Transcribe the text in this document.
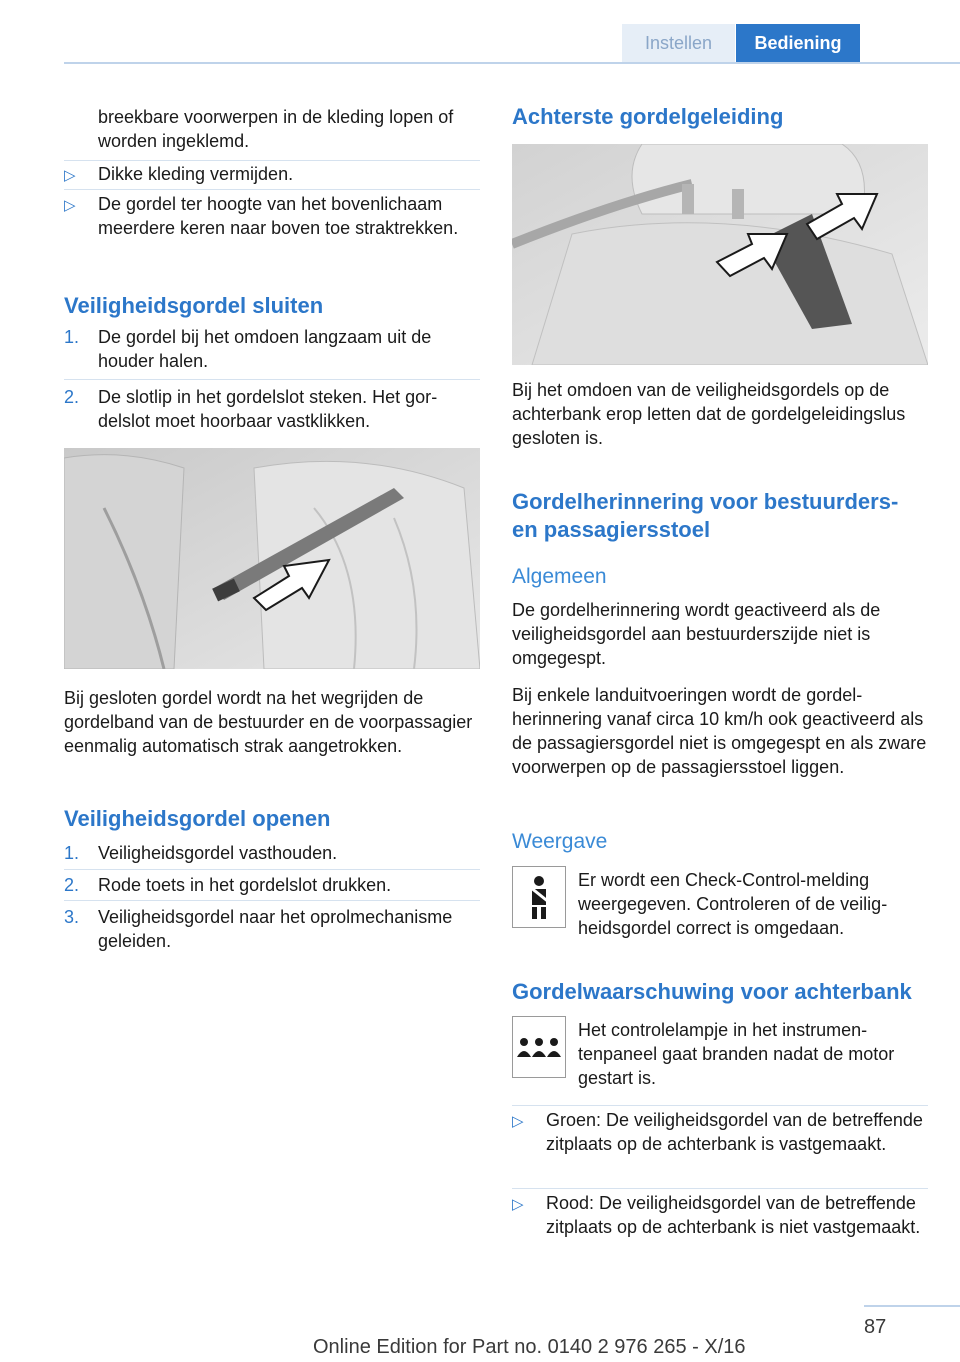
Instellen	Bediening
breekbare voorwerpen in de kleding lopen of worden ingeklemd.
▷ Dikke kleding vermijden.
▷ De gordel ter hoogte van het bovenlichaam meerdere keren naar boven toe straktrekken.
Veiligheidsgordel sluiten
1. De gordel bij het omdoen langzaam uit de houder halen.
2. De slotlip in het gordelslot steken. Het gordelslot moet hoorbaar vastklikken.
Bij gesloten gordel wordt na het wegrijden de gordelband van de bestuurder en de voorpassagier eenmalig automatisch strak aangetrokken.
Veiligheidsgordel openen
1. Veiligheidsgordel vasthouden.
2. Rode toets in het gordelslot drukken.
3. Veiligheidsgordel naar het oprolmechanisme geleiden.
Achterste gordelgeleiding
Bij het omdoen van de veiligheidsgordels op de achterbank erop letten dat de gordelgeleidingslus gesloten is.
Gordelherinnering voor bestuurders- en passagiersstoel
Algemeen
De gordelherinnering wordt geactiveerd als de veiligheidsgordel aan bestuurderszijde niet is omgegespt.
Bij enkele landuitvoeringen wordt de gordelherinnering vanaf circa 10 km/h ook geactiveerd als de passagiersgordel niet is omgegespt en als zware voorwerpen op de passagiersstoel liggen.
Weergave
Er wordt een Check-Control-melding weergegeven. Controleren of de veiligheidsgordel correct is omgedaan.
Gordelwaarschuwing voor achterbank
Het controlelampje in het instrumentenpaneel gaat branden nadat de motor gestart is.
▷ Groen: De veiligheidsgordel van de betreffende zitplaats op de achterbank is vastgemaakt.
▷ Rood: De veiligheidsgordel van de betreffende zitplaats op de achterbank is niet vastgemaakt.
87
Online Edition for Part no. 0140 2 976 265 - X/16
